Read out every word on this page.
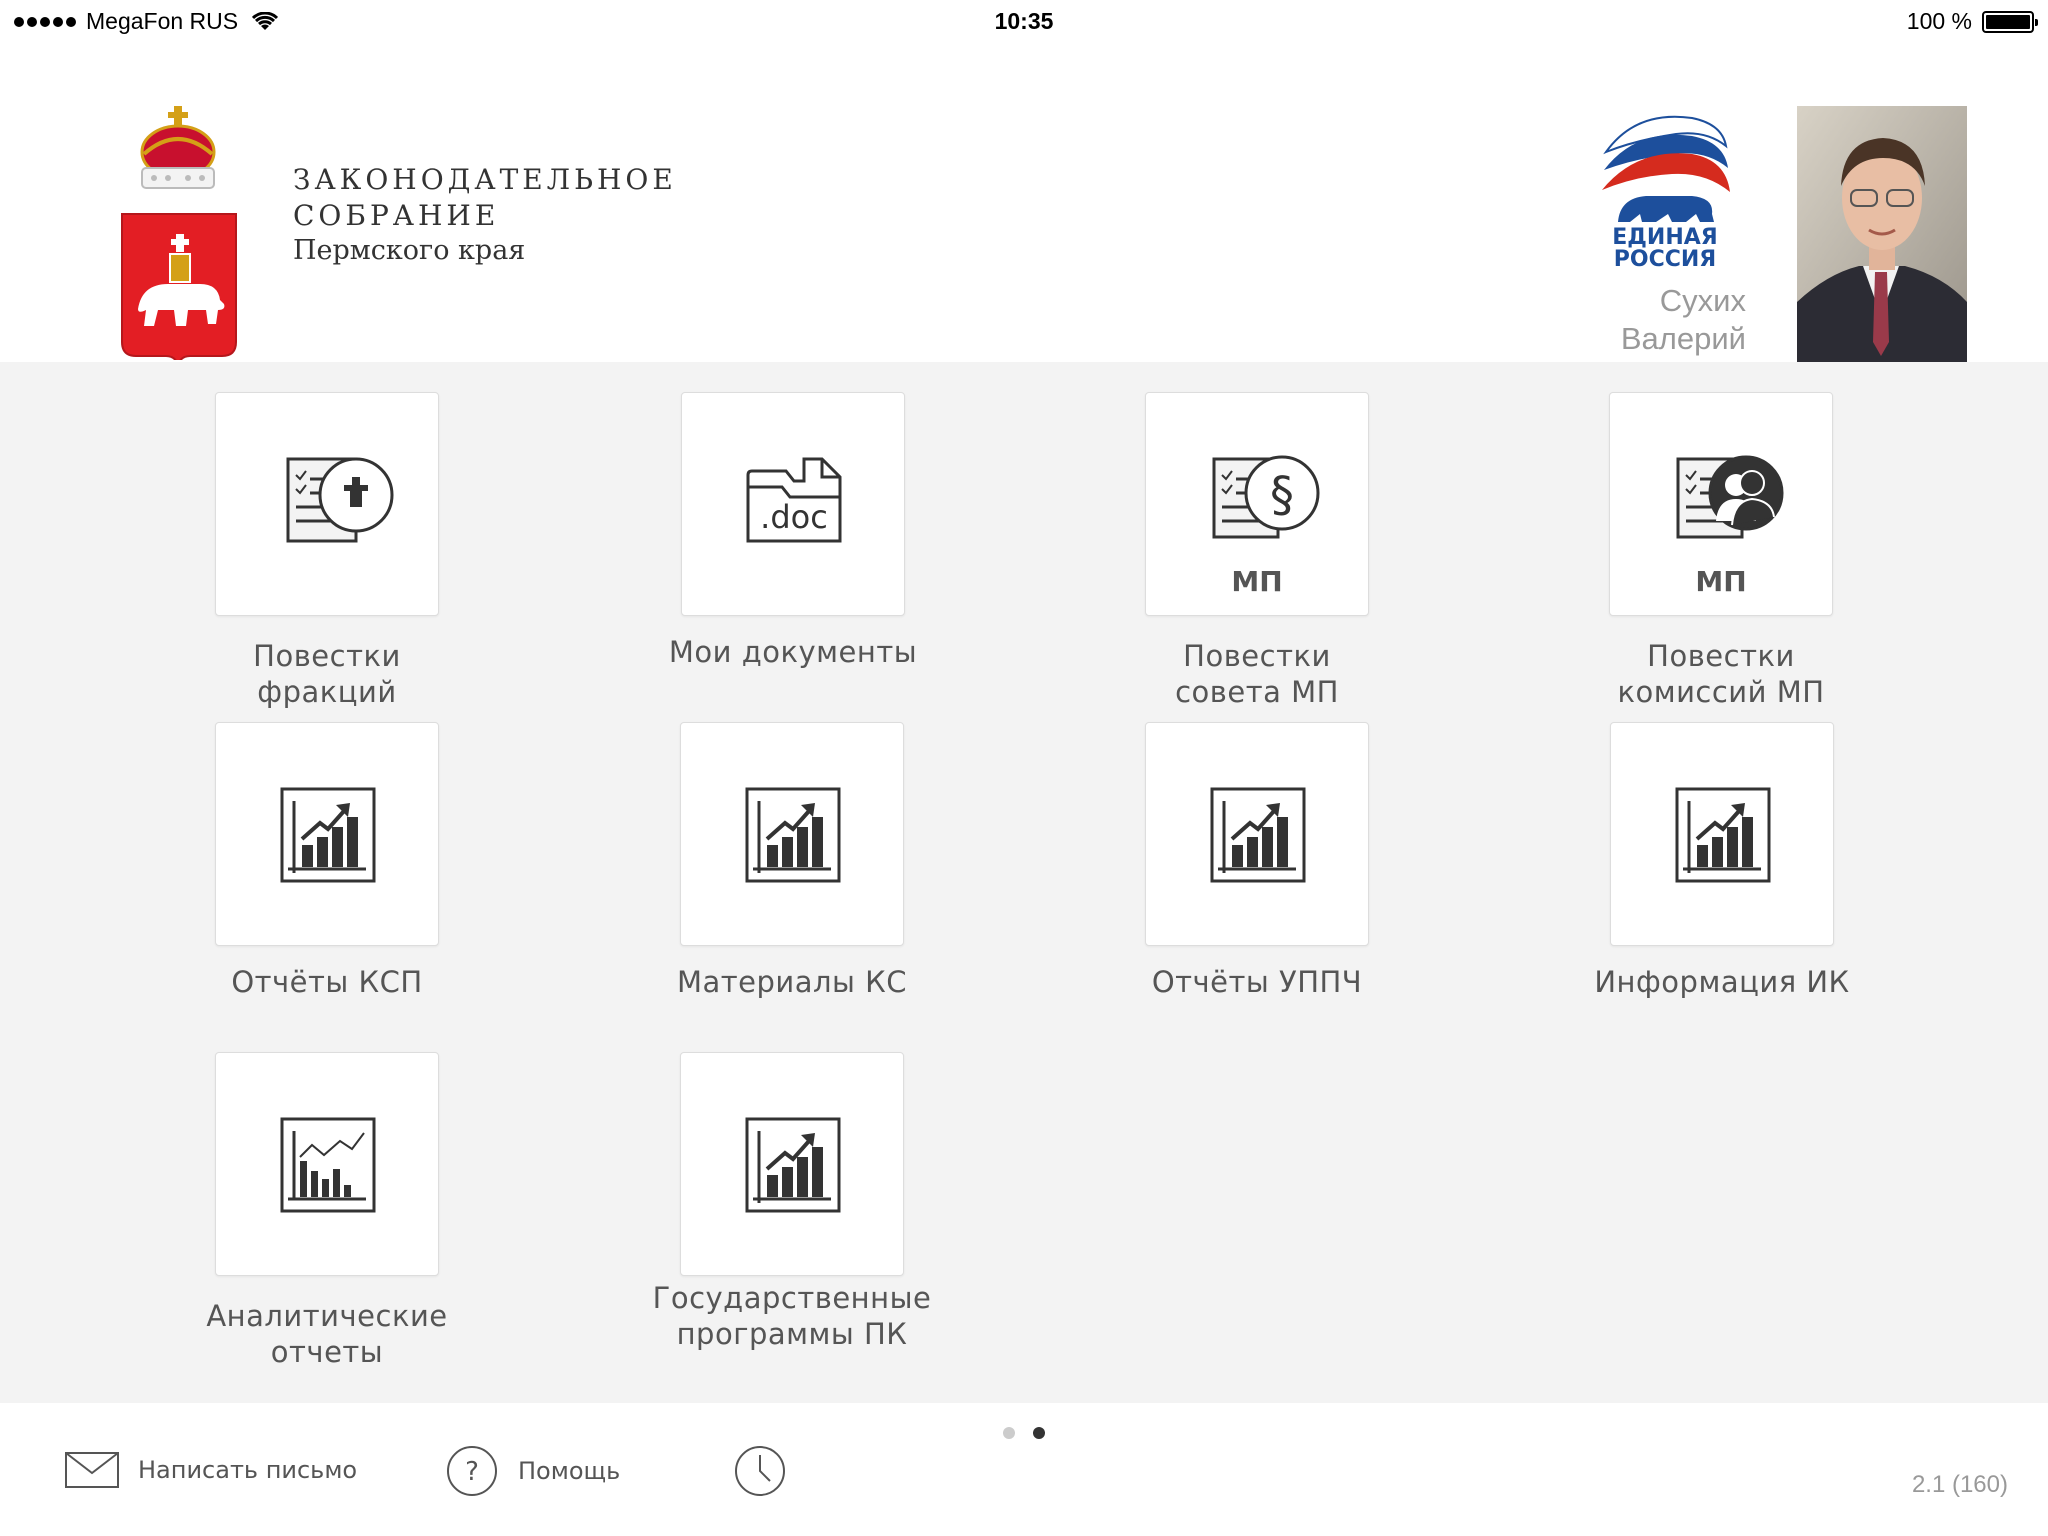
MegaFon RUS	10:35	100 %
ЗАКОНОДАТЕЛЬНОЕ
СОБРАНИЕ
Пермского края	ЕДИНАЯ
РОССИЯ
Сухих
Валерий
Повестки
фракций
.doc
Мои документы
§
МП
Повестки
совета МП
МП
Повестки
комиссий МП
Отчёты КСП	Материалы КС	Отчёты УППЧ	Информация ИК
Аналитические
отчеты
Государственные
программы ПК
Написать письмо	? Помощь	2.1 (160)
